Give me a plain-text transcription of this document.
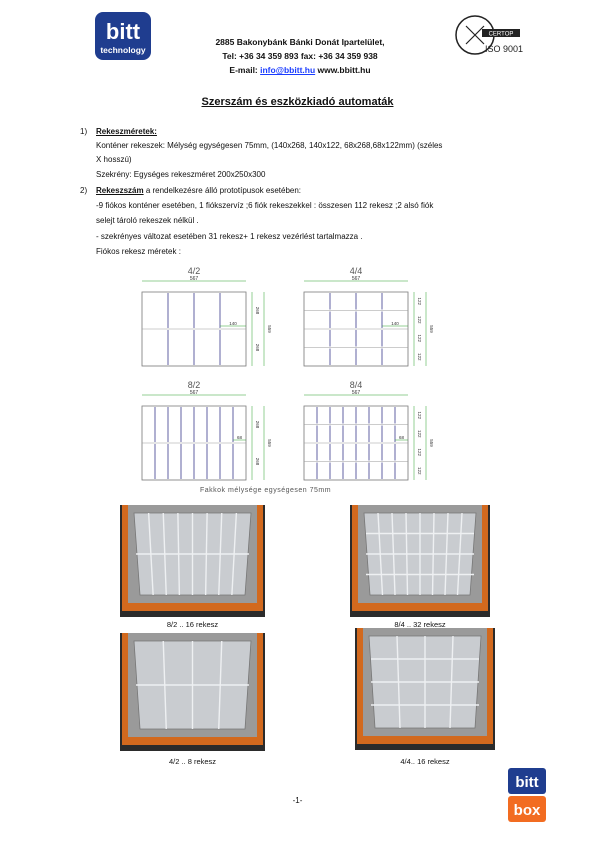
bitt
technology
2885 Bakonybánk Bánki Donát Ipartelület,
Tel: +36 34 359 893 fax: +36 34 359 938
E-mail: info@bbitt.hu www.bbitt.hu
CERTOP
ISO 9001
Szerszám és eszközkiadó automaták
1) Rekeszméretek:
Konténer rekeszek: Mélység egységesen 75mm, (140x268, 140x122, 68x268,68x122mm) (széles
X hosszú)
Szekrény: Egységes rekeszméret 200x250x300
2) Rekeszszám a rendelkezésre álló prototípusok esetében:
-9 fiókos konténer esetében, 1 fiókszervíz ;6 fiók rekeszekkel : összesen 112 rekesz ;2 alsó fiók
selejt tároló rekeszek nélkül .
- szekrényes változat esetében 31 rekesz+ 1 rekesz vezérlést tartalmazza .
Fiókos rekesz méretek :
4/2
567
268
268
559
140
4/4
567
122
122
122
122
559
140
8/2
567
268
268
559
68
8/4
567
122
122
122
122
559
68
Fakkok mélysége egységesen 75mm
8/2 .. 16 rekesz	8/4 .. 32 rekesz
4/2 .. 8 rekesz	4/4.. 16 rekesz
-1-
bitt
box
